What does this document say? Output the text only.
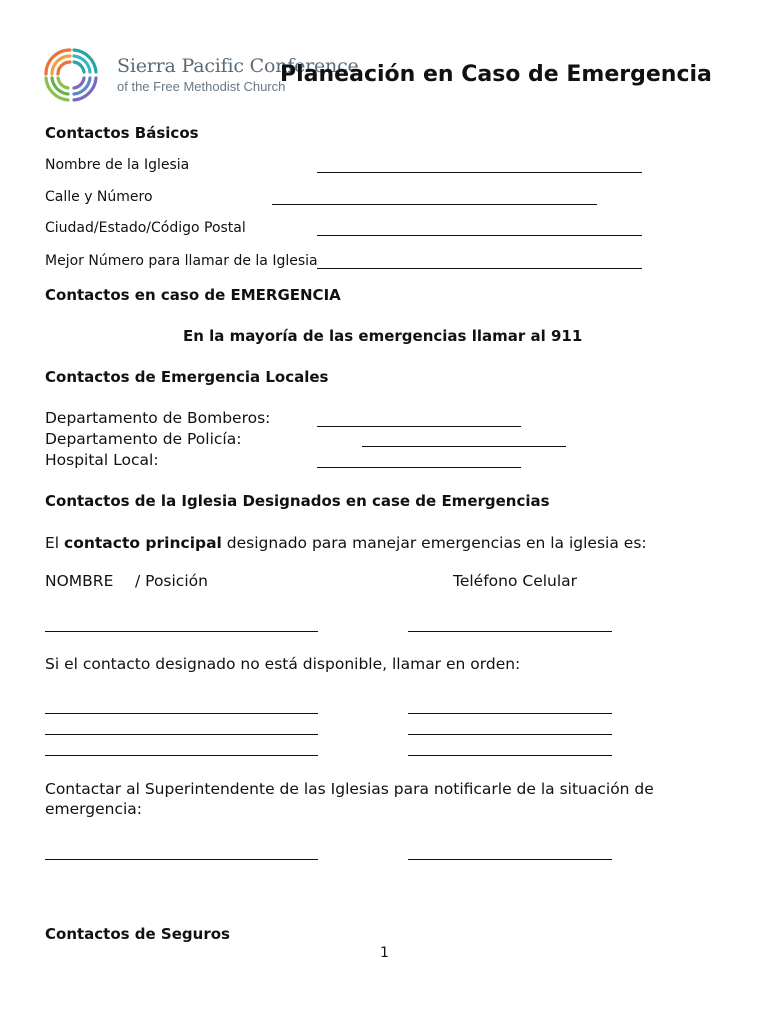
Sierra Pacific Conference
of the Free Methodist Church
Planeación en Caso de Emergencia
Contactos Básicos
Nombre de la Iglesia
Calle y Número
Ciudad/Estado/Código Postal
Mejor Número para llamar de la Iglesia
Contactos en caso de EMERGENCIA
En la mayoría de las emergencias llamar al 911
Contactos de Emergencia Locales
Departamento de Bomberos:
Departamento de Policía:
Hospital Local:
Contactos de la Iglesia Designados en case de Emergencias
El contacto principal designado para manejar emergencias en la iglesia es:
NOMBRE / Posición	Teléfono Celular
Si el contacto designado no está disponible, llamar en orden:
Contactar al Superintendente de las Iglesias para notificarle de la situación de
emergencia:
Contactos de Seguros
1
